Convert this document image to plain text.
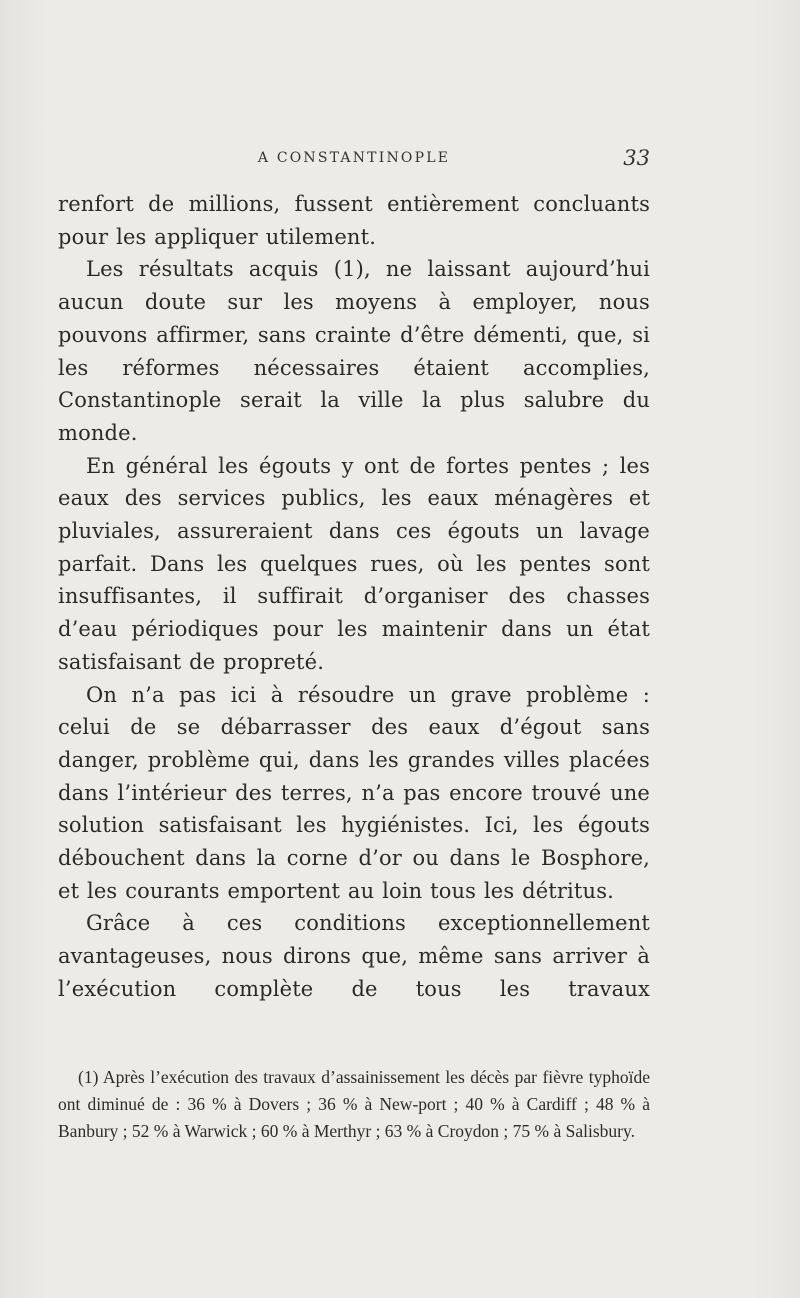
A CONSTANTINOPLE	33

renfort de millions, fussent entièrement concluants pour les appliquer utilement.

Les résultats acquis (1), ne laissant aujourd’hui aucun doute sur les moyens à employer, nous pouvons affirmer, sans crainte d’être démenti, que, si les réformes nécessaires étaient accomplies, Constantinople serait la ville la plus salubre du monde.

En général les égouts y ont de fortes pentes ; les eaux des services publics, les eaux ménagères et pluviales, assureraient dans ces égouts un lavage parfait. Dans les quelques rues, où les pentes sont insuffisantes, il suffirait d’organiser des chasses d’eau périodiques pour les maintenir dans un état satisfaisant de propreté.

On n’a pas ici à résoudre un grave problème : celui de se débarrasser des eaux d’égout sans danger, problème qui, dans les grandes villes placées dans l’intérieur des terres, n’a pas encore trouvé une solution satisfaisant les hygiénistes. Ici, les égouts débouchent dans la corne d’or ou dans le Bosphore, et les courants emportent au loin tous les détritus.

Grâce à ces conditions exceptionnellement avantageuses, nous dirons que, même sans arriver à l’exécution complète de tous les travaux

(1) Après l’exécution des travaux d’assainissement les décès par fièvre typhoïde ont diminué de : 36 % à Dovers ; 36 % à New-port ; 40 % à Cardiff ; 48 % à Banbury ; 52 % à Warwick ; 60 % à Merthyr ; 63 % à Croydon ; 75 % à Salisbury.
